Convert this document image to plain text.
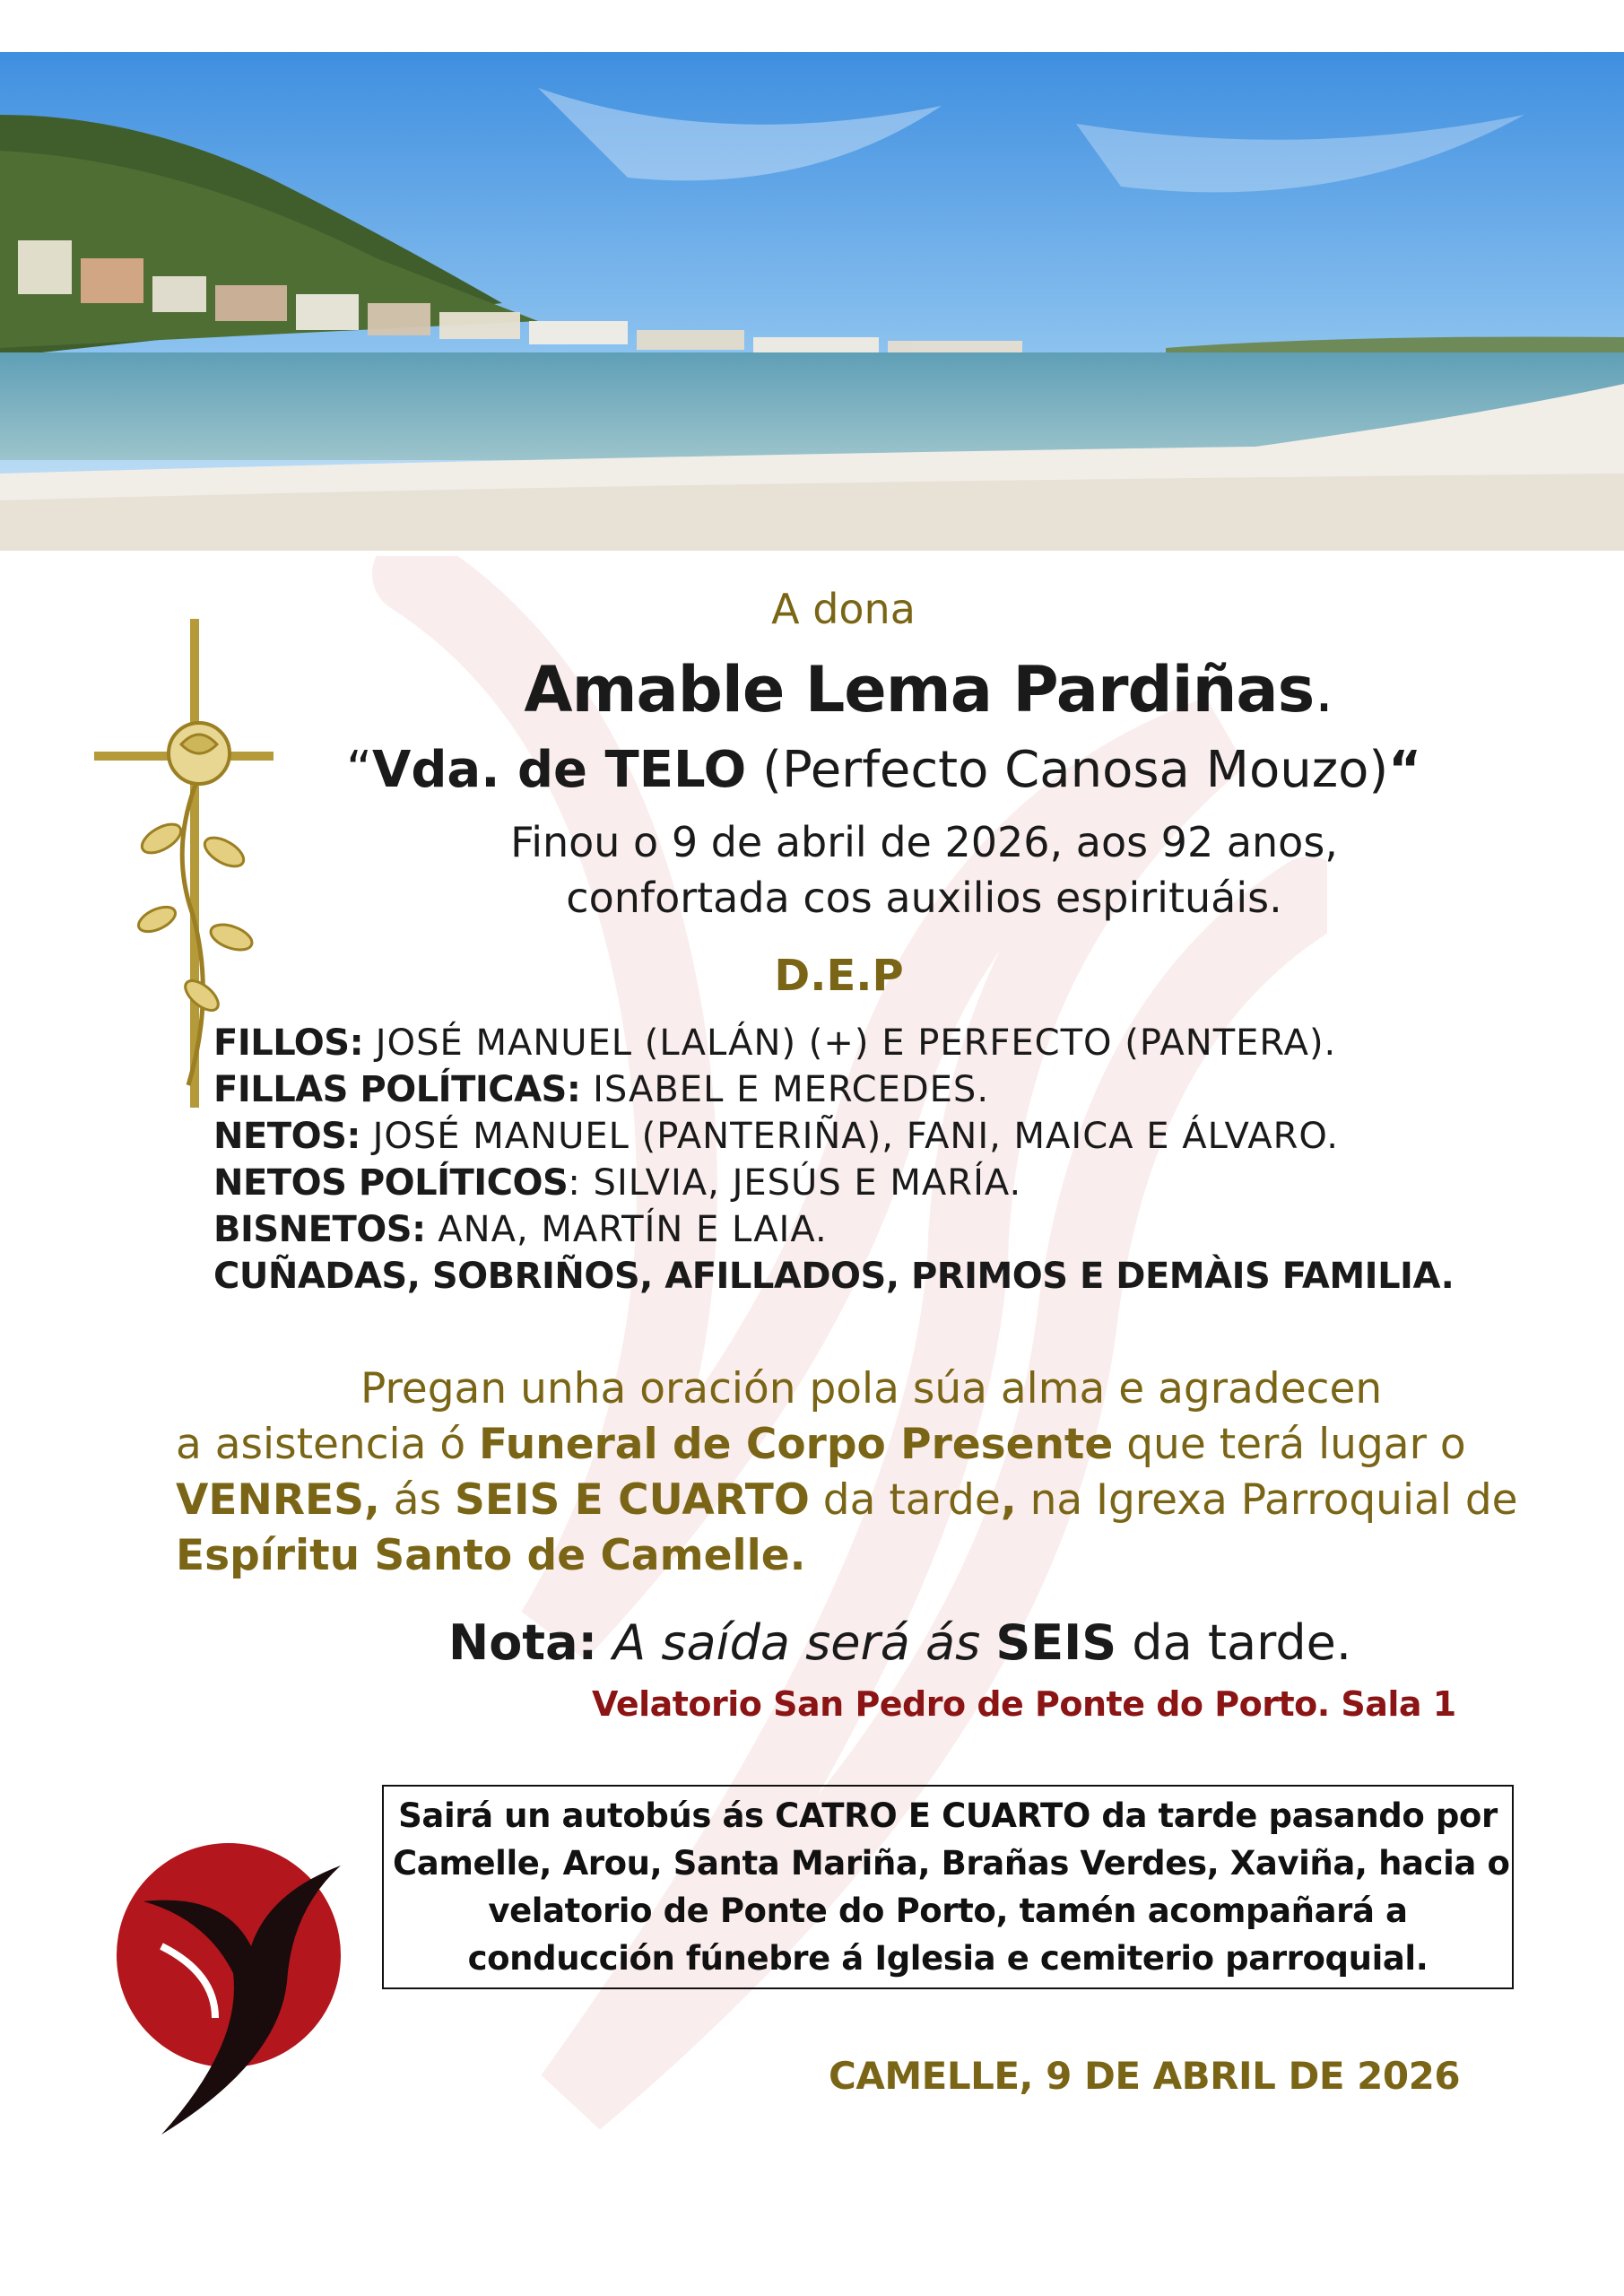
A dona
Amable Lema Pardiñas.
“Vda. de TELO (Perfecto Canosa Mouzo)“
Finou o 9 de abril de 2026, aos 92 anos,
confortada cos auxilios espirituáis.
D.E.P
FILLOS: JOSÉ MANUEL (LALÁN) (+) E PERFECTO (PANTERA).
FILLAS POLÍTICAS: ISABEL E MERCEDES.
NETOS: JOSÉ MANUEL (PANTERIÑA), FANI, MAICA E ÁLVARO.
NETOS POLÍTICOS: SILVIA, JESÚS E MARÍA.
BISNETOS: ANA, MARTÍN E LAIA.
CUÑADAS, SOBRIÑOS, AFILLADOS, PRIMOS E DEMÀIS FAMILIA.
Pregan unha oración pola súa alma e agradecen
a asistencia ó Funeral de Corpo Presente que terá lugar o
VENRES, ás SEIS E CUARTO da tarde, na Igrexa Parroquial de
Espíritu Santo de Camelle.
Nota: A saída será ás SEIS da tarde.
Velatorio San Pedro de Ponte do Porto. Sala 1
Sairá un autobús ás CATRO E CUARTO da tarde pasando por
Camelle, Arou, Santa Mariña, Brañas Verdes, Xaviña, hacia o
velatorio de Ponte do Porto, tamén acompañará a
conducción fúnebre á Iglesia e cemiterio parroquial.
CAMELLE, 9 DE ABRIL DE 2026
